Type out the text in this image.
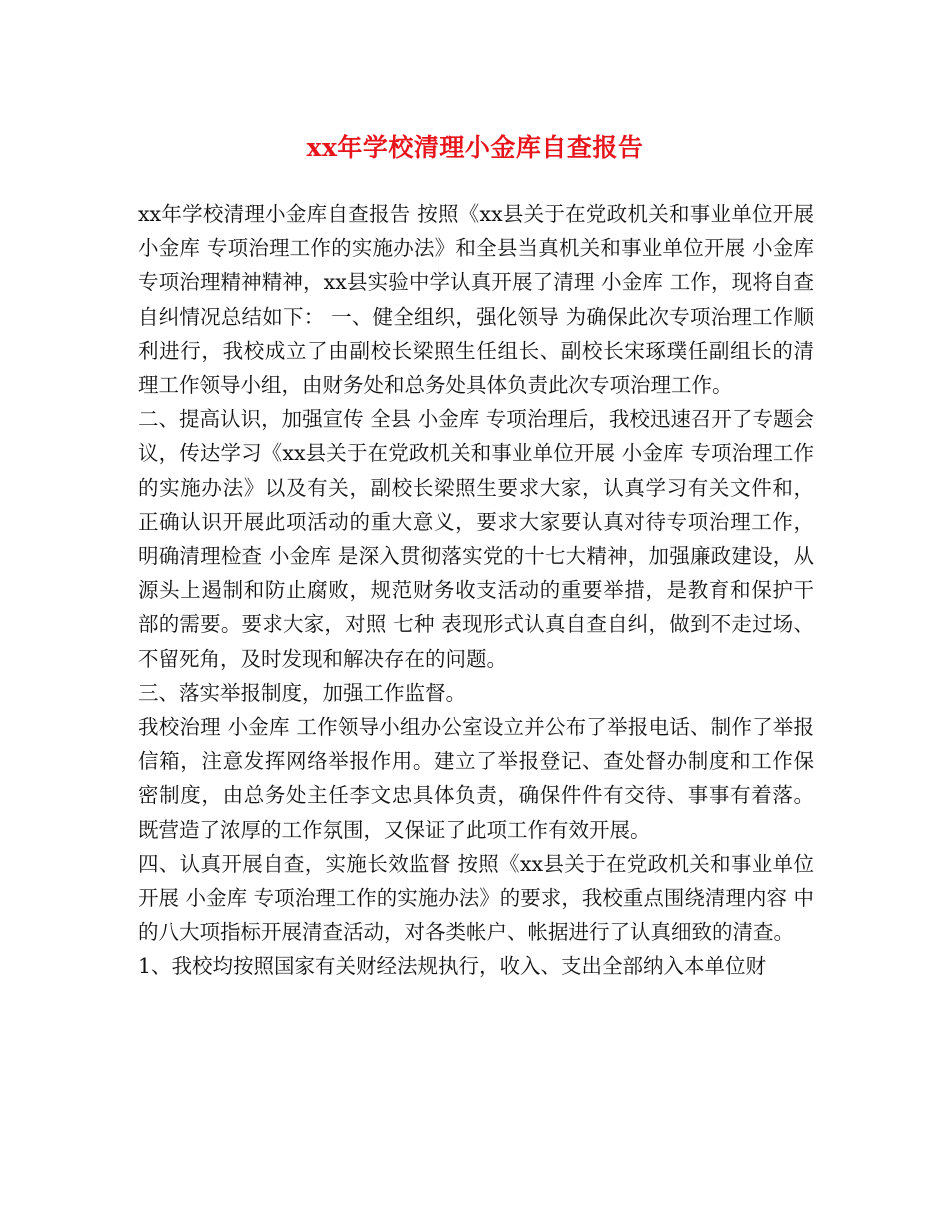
xx年学校清理小金库自查报告

xx年学校清理小金库自查报告 按照《xx县关于在党政机关和事业单位开展 小金库 专项治理工作的实施办法》和全县当真机关和事业单位开展 小金库 专项治理精神精神，xx县实验中学认真开展了清理 小金库 工作，现将自查自纠情况总结如下： 一、健全组织，强化领导 为确保此次专项治理工作顺利进行，我校成立了由副校长梁照生任组长、副校长宋琢璞任副组长的清理工作领导小组，由财务处和总务处具体负责此次专项治理工作。

二、提高认识，加强宣传 全县 小金库 专项治理后，我校迅速召开了专题会议，传达学习《xx县关于在党政机关和事业单位开展 小金库 专项治理工作的实施办法》以及有关，副校长梁照生要求大家，认真学习有关文件和，正确认识开展此项活动的重大意义，要求大家要认真对待专项治理工作，明确清理检查 小金库 是深入贯彻落实党的十七大精神，加强廉政建设，从源头上遏制和防止腐败，规范财务收支活动的重要举措，是教育和保护干部的需要。要求大家，对照 七种 表现形式认真自查自纠，做到不走过场、不留死角，及时发现和解决存在的问题。

三、落实举报制度，加强工作监督。

我校治理 小金库 工作领导小组办公室设立并公布了举报电话、制作了举报信箱，注意发挥网络举报作用。建立了举报登记、查处督办制度和工作保密制度，由总务处主任李文忠具体负责，确保件件有交待、事事有着落。既营造了浓厚的工作氛围，又保证了此项工作有效开展。

四、认真开展自查，实施长效监督 按照《xx县关于在党政机关和事业单位开展 小金库 专项治理工作的实施办法》的要求，我校重点围绕清理内容 中的八大项指标开展清查活动，对各类帐户、帐据进行了认真细致的清查。

1、我校均按照国家有关财经法规执行，收入、支出全部纳入本单位财
